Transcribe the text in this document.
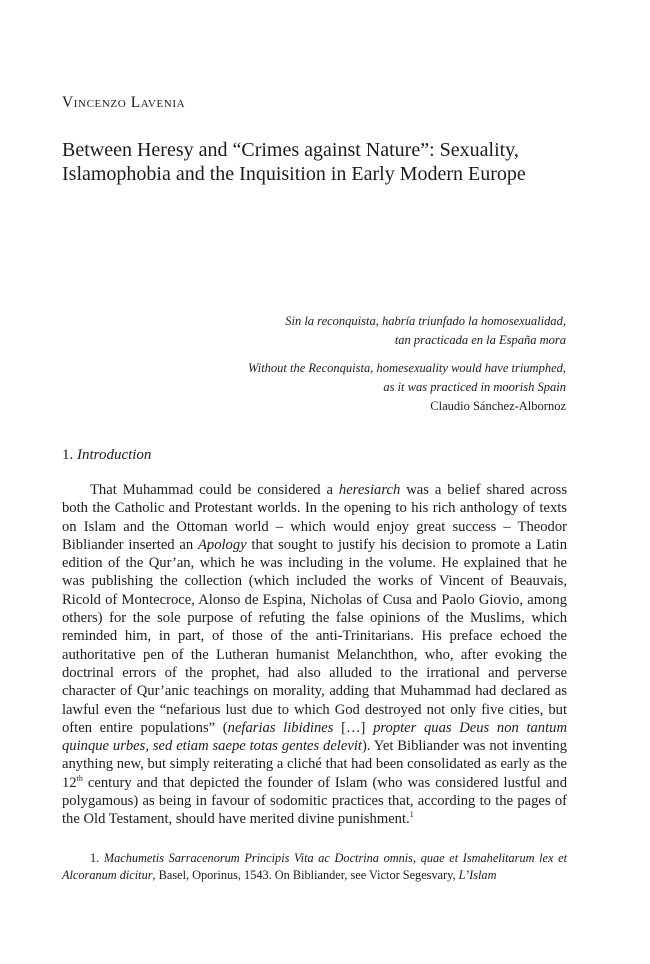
Vincenzo Lavenia
Between Heresy and “Crimes against Nature”: Sexuality, Islamophobia and the Inquisition in Early Modern Europe
Sin la reconquista, habría triunfado la homosexualidad,
tan practicada en la España mora
Without the Reconquista, homesexuality would have triumphed,
as it was practiced in moorish Spain
Claudio Sánchez-Albornoz
1. Introduction

That Muhammad could be considered a heresiarch was a belief shared across both the Catholic and Protestant worlds. In the opening to his rich anthology of texts on Islam and the Ottoman world – which would enjoy great success – Theodor Bibliander inserted an Apology that sought to justify his decision to promote a Latin edition of the Qur’an, which he was including in the volume. He explained that he was publishing the collection (which included the works of Vincent of Beauvais, Ricold of Montecroce, Alonso de Espina, Nicholas of Cusa and Paolo Giovio, among others) for the sole purpose of refuting the false opinions of the Muslims, which reminded him, in part, of those of the anti-Trinitarians. His preface echoed the authoritative pen of the Lutheran humanist Melanchthon, who, after evoking the doctrinal errors of the prophet, had also alluded to the irrational and perverse character of Qur’anic teachings on morality, adding that Muhammad had declared as lawful even the “nefarious lust due to which God destroyed not only five cities, but often entire populations” (nefarias libidines […] propter quas Deus non tantum quinque urbes, sed etiam saepe totas gentes delevit). Yet Bibliander was not inventing anything new, but simply reiterating a cliché that had been consolidated as early as the 12th century and that depicted the founder of Islam (who was considered lustful and polygamous) as being in favour of sodomitic practices that, according to the pages of the Old Testament, should have merited divine punishment.$^1$

1. Machumetis Sarracenorum Principis Vita ac Doctrina omnis, quae et Ismahelitarum lex et Alcoranum dicitur, Basel, Oporinus, 1543. On Bibliander, see Victor Segesvary, L’Islam
